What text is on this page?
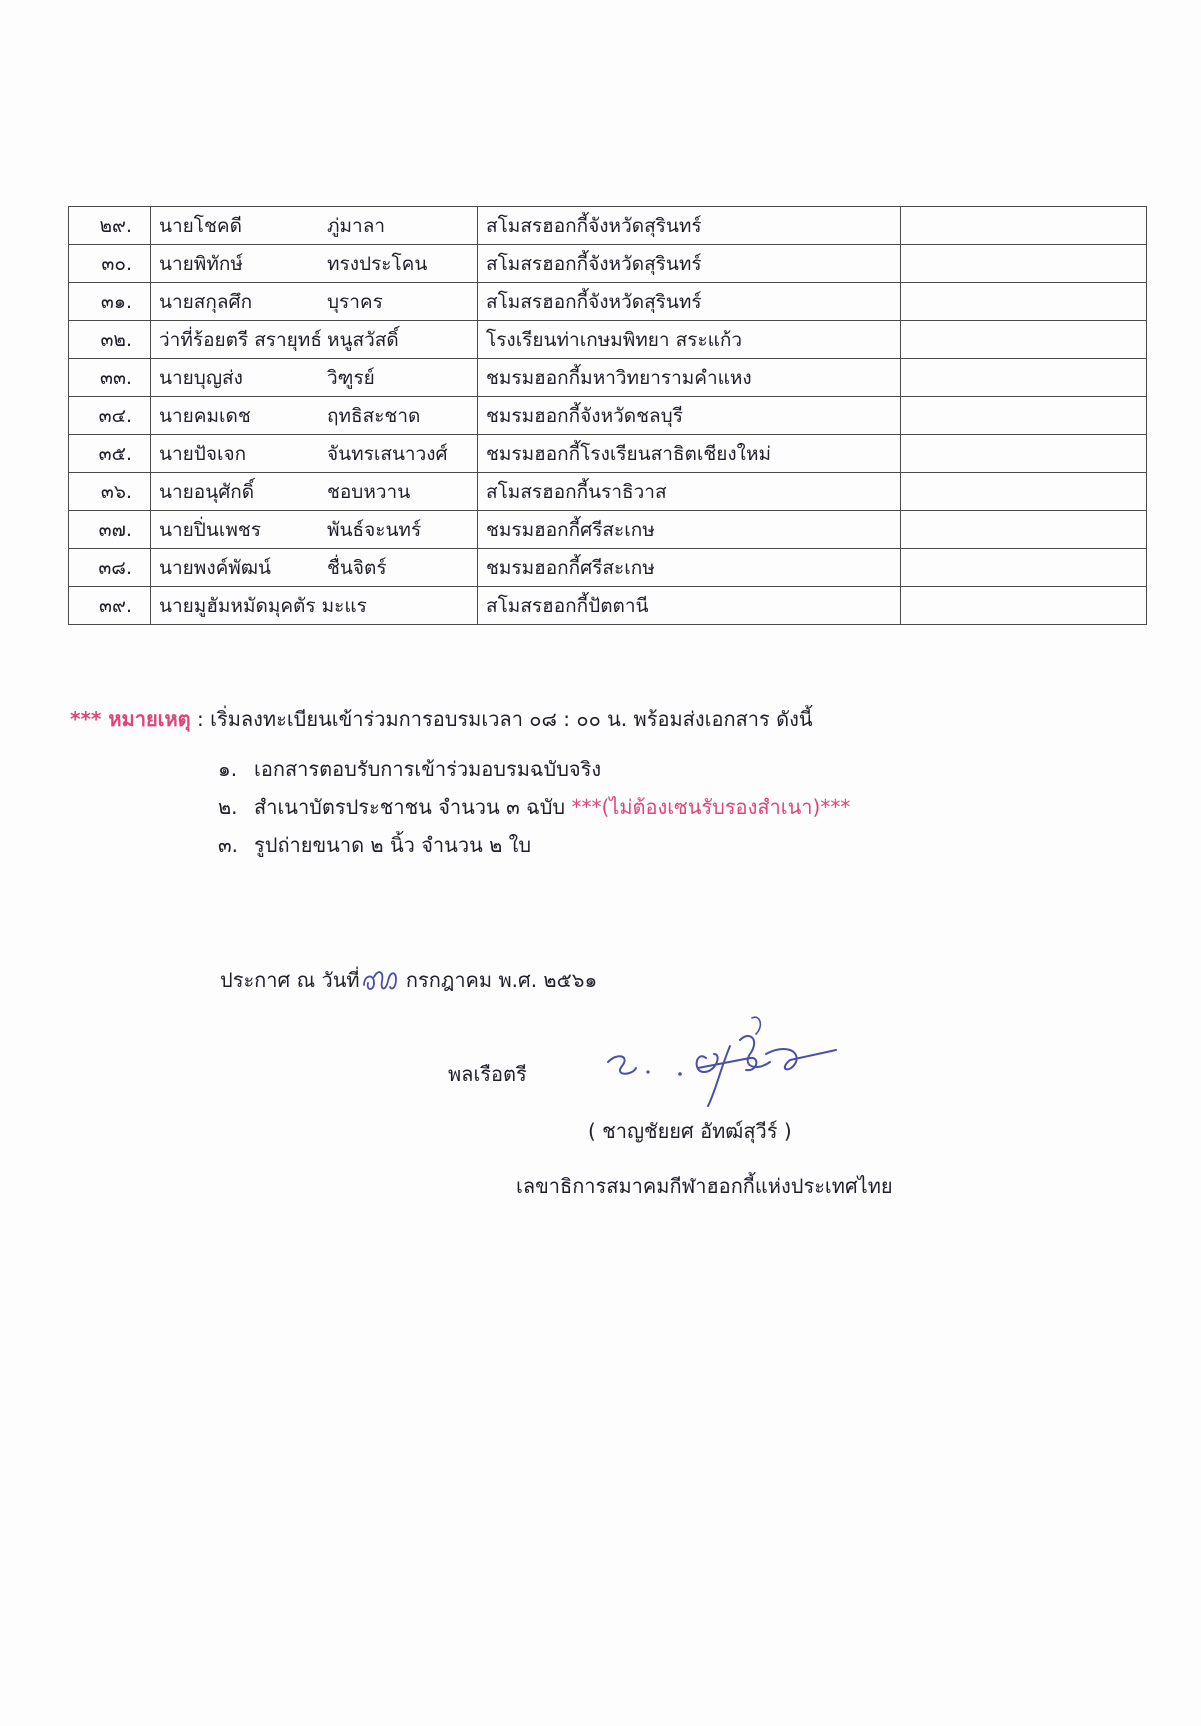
๒๙.	นายโชคดี ภู่มาลา	สโมสรฮอกกี้จังหวัดสุรินทร์	
๓๐.	นายพิทักษ์ ทรงประโคน	สโมสรฮอกกี้จังหวัดสุรินทร์	
๓๑.	นายสกุลศึก บุราคร	สโมสรฮอกกี้จังหวัดสุรินทร์	
๓๒.	ว่าที่ร้อยตรี สรายุทธ์ หนูสวัสดิ์	โรงเรียนท่าเกษมพิทยา สระแก้ว	
๓๓.	นายบุญส่ง วิฑูรย์	ชมรมฮอกกี้มหาวิทยารามคำแหง	
๓๔.	นายคมเดช ฤทธิสะชาด	ชมรมฮอกกี้จังหวัดชลบุรี	
๓๕.	นายปัจเจก จันทรเสนาวงศ์	ชมรมฮอกกี้โรงเรียนสาธิตเชียงใหม่	
๓๖.	นายอนุศักดิ์ ชอบหวาน	สโมสรฮอกกี้นราธิวาส	
๓๗.	นายปิ่นเพชร พันธ์จะนทร์	ชมรมฮอกกี้ศรีสะเกษ	
๓๘.	นายพงค์พัฒน์ ชื่นจิตร์	ชมรมฮอกกี้ศรีสะเกษ	
๓๙.	นายมูฮัมหมัดมุคตัร มะแร	สโมสรฮอกกี้ปัตตานี	
*** หมายเหตุ : เริ่มลงทะเบียนเข้าร่วมการอบรมเวลา ๐๘ : ๐๐ น. พร้อมส่งเอกสาร ดังนี้
๑. เอกสารตอบรับการเข้าร่วมอบรมฉบับจริง
๒. สำเนาบัตรประชาชน จำนวน ๓ ฉบับ ***(ไม่ต้องเซนรับรองสำเนา)***
๓. รูปถ่ายขนาด ๒ นิ้ว จำนวน ๒ ใบ
ประกาศ ณ วันที่ กรกฎาคม พ.ศ. ๒๕๖๑
พลเรือตรี
( ชาญชัยยศ อัทฒ์สุวีร์ )
เลขาธิการสมาคมกีฬาฮอกกี้แห่งประเทศไทย
